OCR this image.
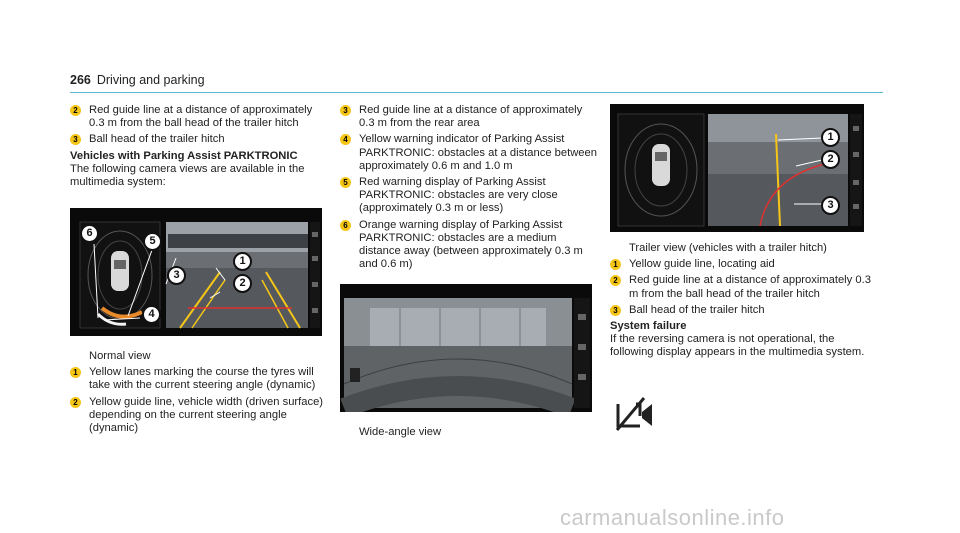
266 Driving and parking
2 Red guide line at a distance of approximately 0.3 m from the ball head of the trailer hitch
3 Ball head of the trailer hitch
Vehicles with Parking Assist PARKTRONIC
The following camera views are available in the multimedia system:
6
5
3
1
2
4
Normal view
1 Yellow lanes marking the course the tyres will take with the current steering angle (dynamic)
2 Yellow guide line, vehicle width (driven surface) depending on the current steering angle (dynamic)
3 Red guide line at a distance of approximately 0.3 m from the rear area
4 Yellow warning indicator of Parking Assist PARKTRONIC: obstacles at a distance between approximately 0.6 m and 1.0 m
5 Red warning display of Parking Assist PARKTRONIC: obstacles are very close (approximately 0.3 m or less)
6 Orange warning display of Parking Assist PARKTRONIC: obstacles are a medium distance away (between approximately 0.3 m and 0.6 m)
Wide-angle view
1
2
3
Trailer view (vehicles with a trailer hitch)
1 Yellow guide line, locating aid
2 Red guide line at a distance of approximately 0.3 m from the ball head of the trailer hitch
3 Ball head of the trailer hitch
System failure
If the reversing camera is not operational, the following display appears in the multimedia system.
carmanualsonline.info
